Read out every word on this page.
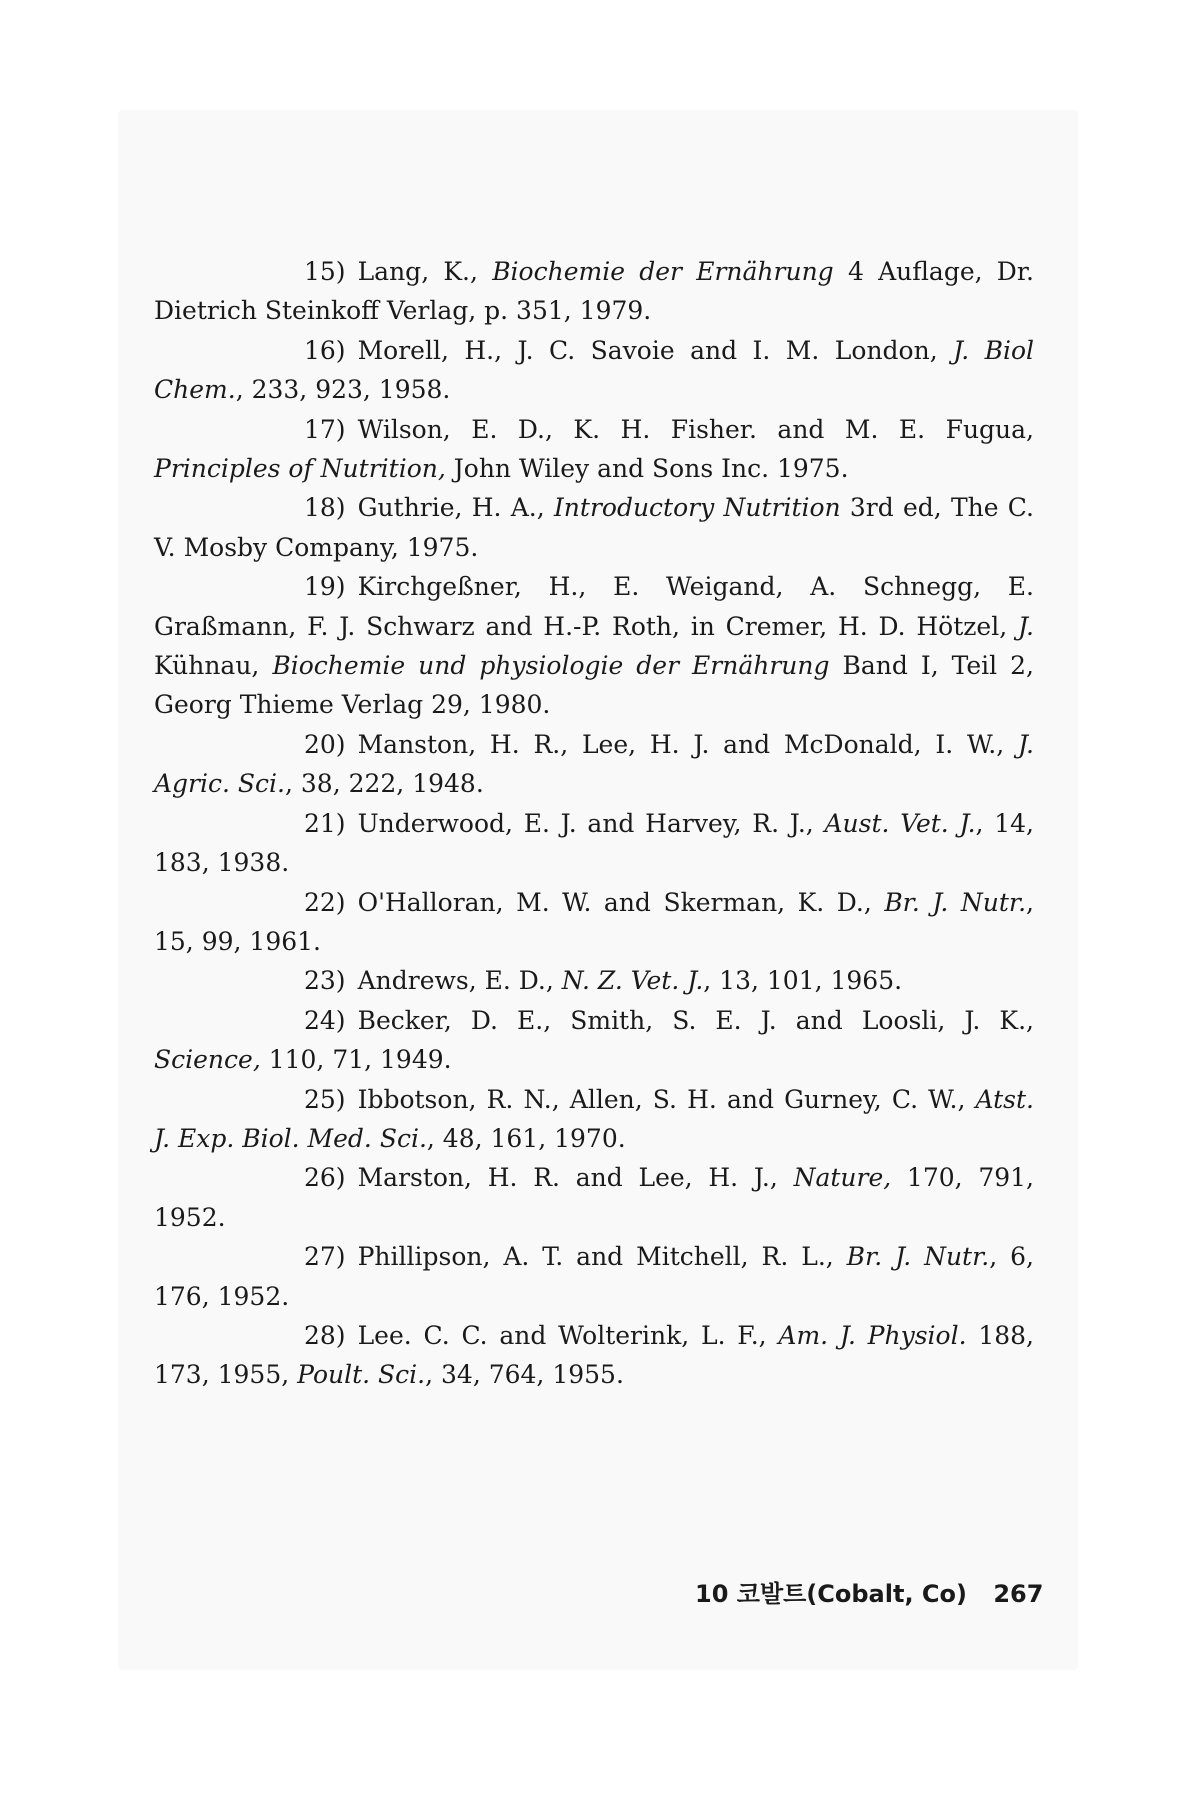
15) Lang, K., Biochemie der Ernährung 4 Auflage, Dr. Dietrich Steinkoff Verlag, p. 351, 1979.

16) Morell, H., J. C. Savoie and I. M. London, J. Biol Chem., 233, 923, 1958.

17) Wilson, E. D., K. H. Fisher. and M. E. Fugua, Principles of Nutrition, John Wiley and Sons Inc. 1975.

18) Guthrie, H. A., Introductory Nutrition 3rd ed, The C. V. Mosby Company, 1975.

19) Kirchgeßner, H., E. Weigand, A. Schnegg, E. Graßmann, F. J. Schwarz and H.-P. Roth, in Cremer, H. D. Hötzel, J. Kühnau, Biochemie und physiologie der Ernährung Band I, Teil 2, Georg Thieme Verlag 29, 1980.

20) Manston, H. R., Lee, H. J. and McDonald, I. W., J. Agric. Sci., 38, 222, 1948.

21) Underwood, E. J. and Harvey, R. J., Aust. Vet. J., 14, 183, 1938.

22) O'Halloran, M. W. and Skerman, K. D., Br. J. Nutr., 15, 99, 1961.

23) Andrews, E. D., N. Z. Vet. J., 13, 101, 1965.

24) Becker, D. E., Smith, S. E. J. and Loosli, J. K., Science, 110, 71, 1949.

25) Ibbotson, R. N., Allen, S. H. and Gurney, C. W., Atst. J. Exp. Biol. Med. Sci., 48, 161, 1970.

26) Marston, H. R. and Lee, H. J., Nature, 170, 791, 1952.

27) Phillipson, A. T. and Mitchell, R. L., Br. J. Nutr., 6, 176, 1952.

28) Lee. C. C. and Wolterink, L. F., Am. J. Physiol. 188, 173, 1955, Poult. Sci., 34, 764, 1955.

10 코발트(Cobalt, Co) 267
